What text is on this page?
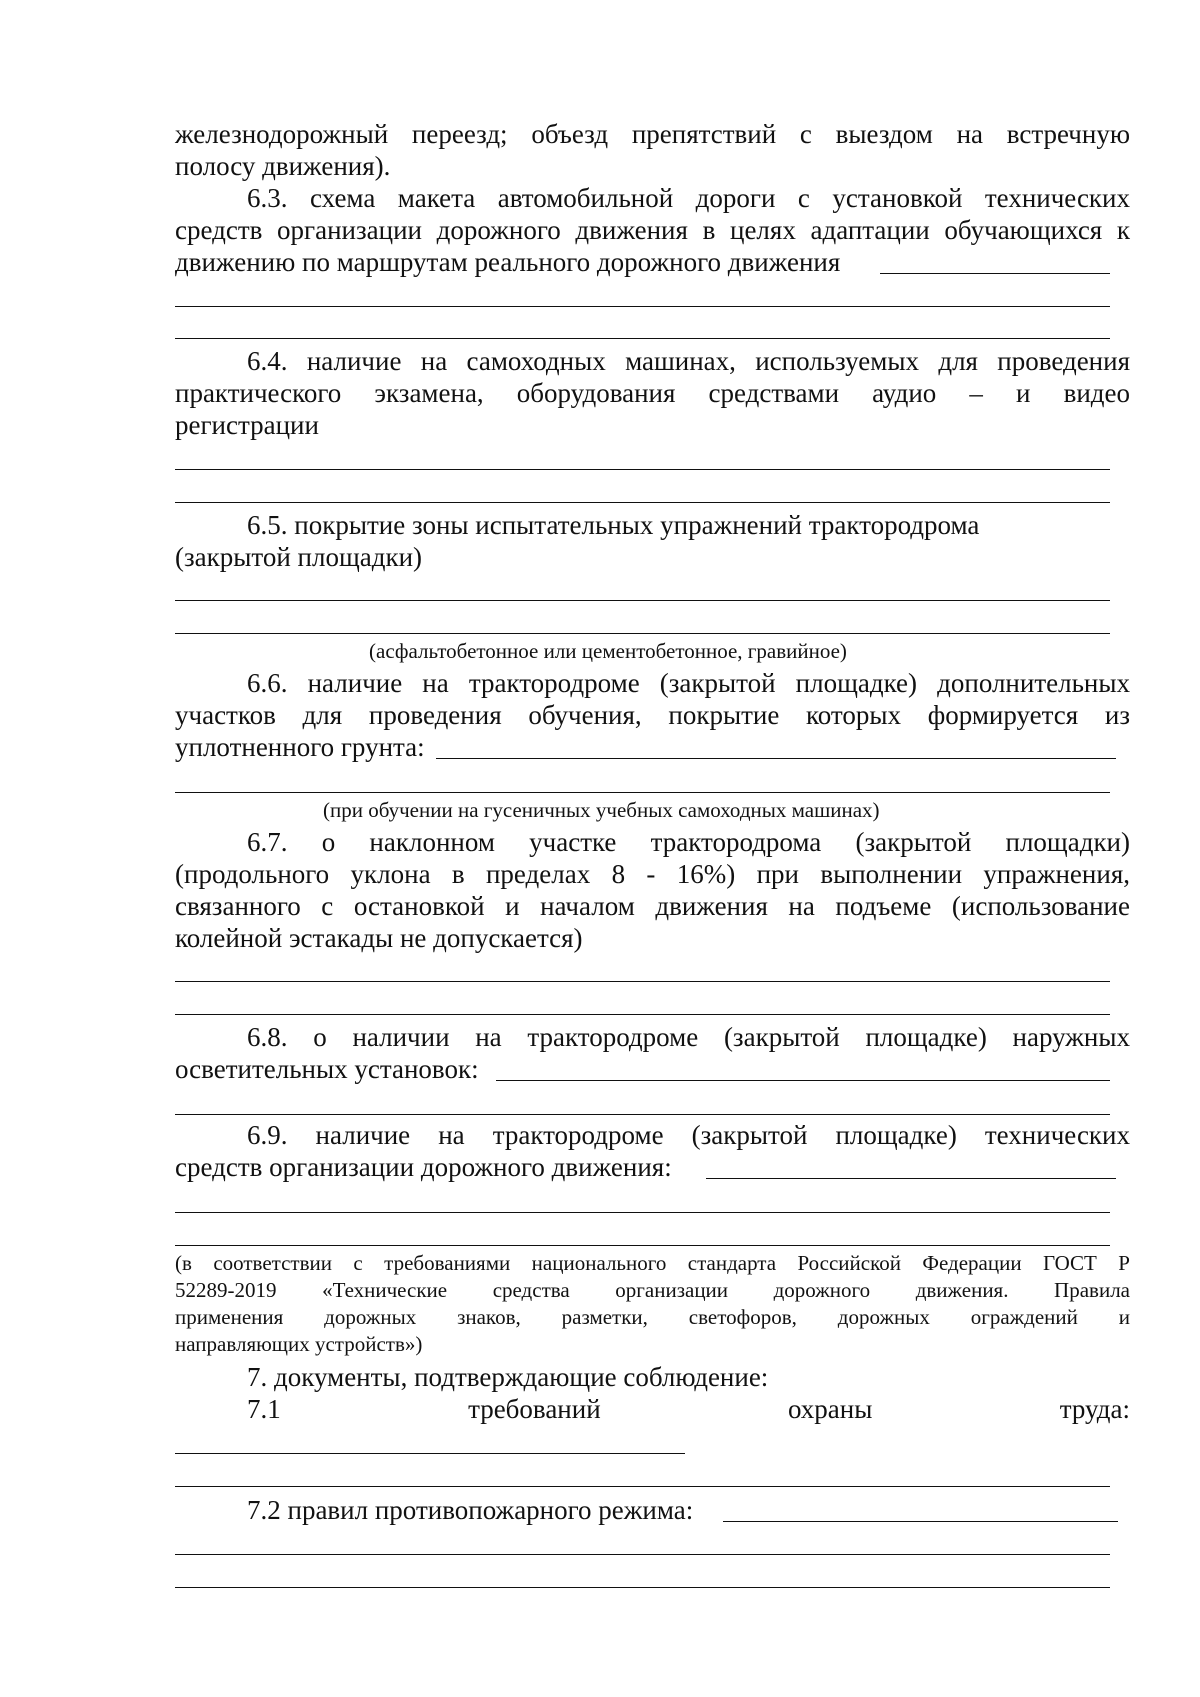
железнодорожный переезд; объезд препятствий с выездом на встречную
полосу движения).
6.3. схема макета автомобильной дороги с установкой технических
средств организации дорожного движения в целях адаптации обучающихся к
движению по маршрутам реального дорожного движения
6.4. наличие на самоходных машинах, используемых для проведения
практического экзамена, оборудования средствами аудио – и видео
регистрации
6.5. покрытие зоны испытательных упражнений трактородрома
(закрытой площадки)
(асфальтобетонное или цементобетонное, гравийное)
6.6. наличие на трактородроме (закрытой площадке) дополнительных
участков для проведения обучения, покрытие которых формируется из
уплотненного грунта:
(при обучении на гусеничных учебных самоходных машинах)
6.7. о наклонном участке трактородрома (закрытой площадки)
(продольного уклона в пределах 8 - 16%) при выполнении упражнения,
связанного с остановкой и началом движения на подъеме (использование
колейной эстакады не допускается)
6.8. о наличии на трактородроме (закрытой площадке) наружных
осветительных установок:
6.9. наличие на трактородроме (закрытой площадке) технических
средств организации дорожного движения:
(в соответствии с требованиями национального стандарта Российской Федерации ГОСТ Р
52289-2019 «Технические средства организации дорожного движения. Правила
применения дорожных знаков, разметки, светофоров, дорожных ограждений и
направляющих устройств»)
7. документы, подтверждающие соблюдение:
7.1 требований охраны труда:
7.2 правил противопожарного режима:
